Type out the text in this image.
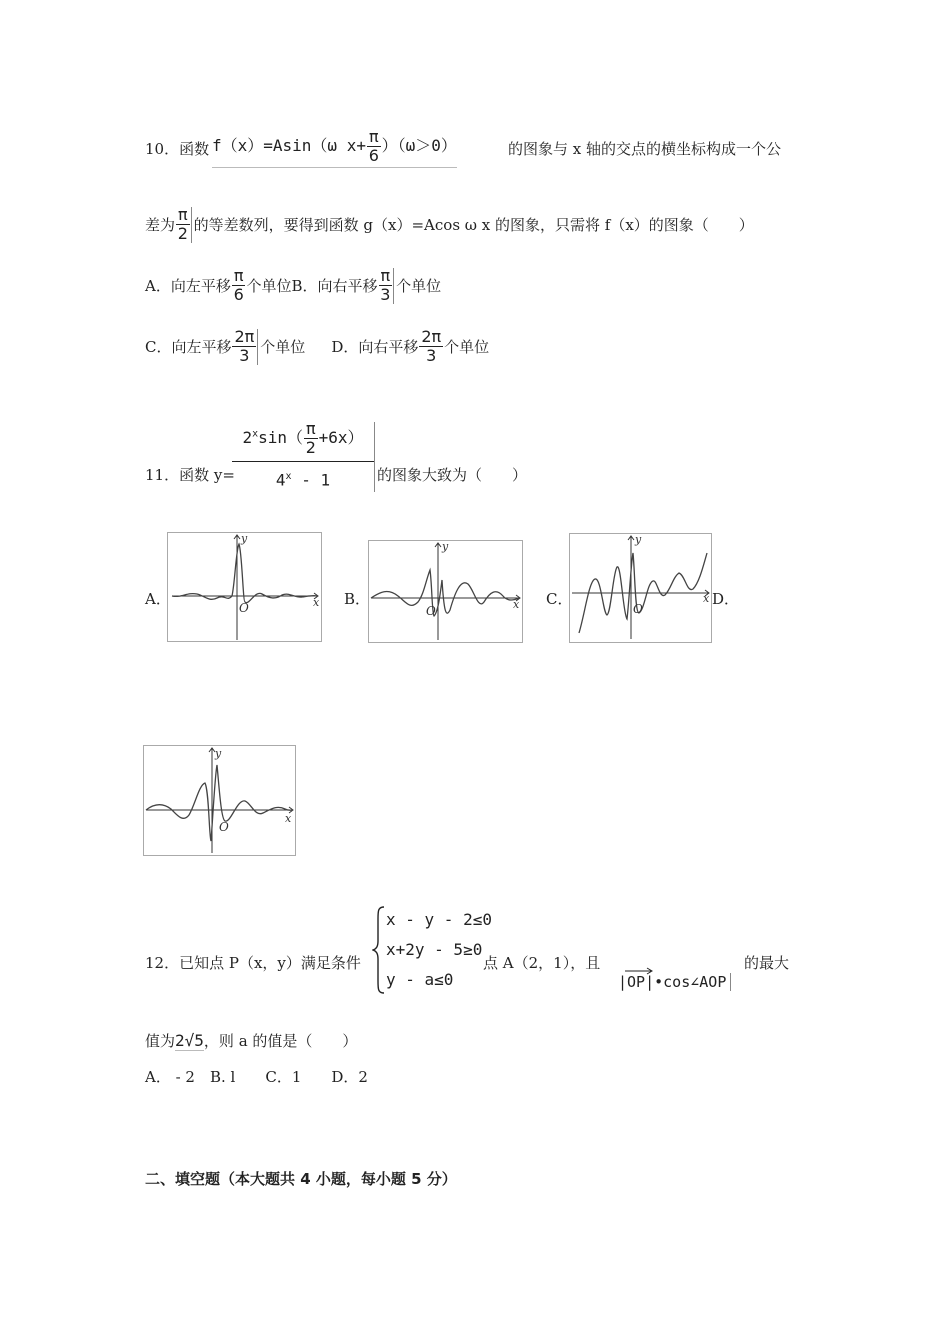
10．函数 f（x）=Asin（ω $x+ \frac{\pi}{6} )(\omega>0)$	的图象与 x 轴的交点的横坐标构成一个公
差为 $\frac{\pi}{2}$ 的等差数列，要得到函数 g（x）=Acos ω x 的图象，只需将 f（x）的图象（　　）
A．向左平移 $\frac{\pi}{6}$ 个单位B．向右平移 $\frac{\pi}{3}$ 个单位
C．向左平移 $\frac{2\pi}{3}$ 个单位 D．向右平移 $\frac{2\pi}{3}$ 个单位
11．函数 y=
$\frac{2^x\sin( \frac{\pi}{2} +6x)}{4^x - 1}$ 的图象大致为（　　）
A．	B．	C．	D．
x
y
O	x
y
O
x
y
O
x
y
O
12．已知点 P（x，y）满足条件
x - y - 2≤0
x+2y - 5≥0
y - a≤0
点 A（2，1），且
|OP|•cos∠AOP
的最大
值为2√5，则 a 的值是（　　）
A． - 2　B. l　　C．1　　D．2
二、填空题（本大题共 4 小题，每小题 5 分）
